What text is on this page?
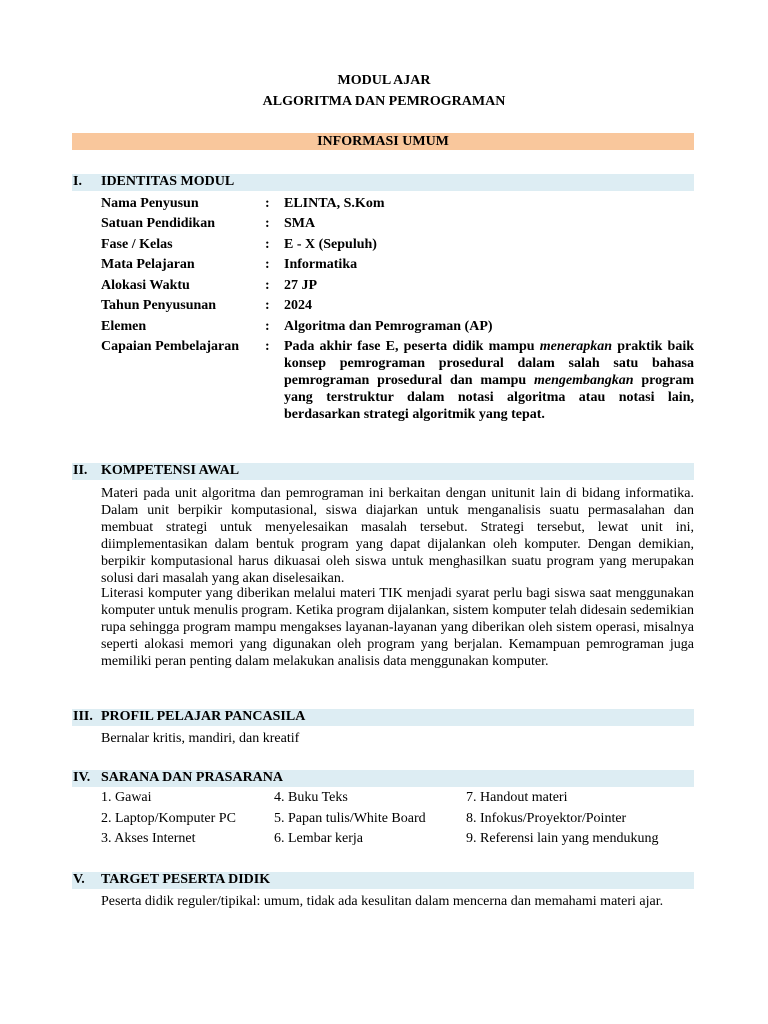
MODUL AJAR
ALGORITMA DAN PEMROGRAMAN
INFORMASI UMUM
I. IDENTITAS MODUL
Nama Penyusun	: ELINTA, S.Kom
Satuan Pendidikan	: SMA
Fase / Kelas	: E - X (Sepuluh)
Mata Pelajaran	: Informatika
Alokasi Waktu	: 27 JP
Tahun Penyusunan	: 2024
Elemen	: Algoritma dan Pemrograman (AP)
Capaian Pembelajaran : Pada akhir fase E, peserta didik mampu menerapkan praktik baik konsep pemrograman prosedural dalam salah satu bahasa pemrograman prosedural dan mampu mengembangkan program yang terstruktur dalam notasi algoritma atau notasi lain, berdasarkan strategi algoritmik yang tepat.
II. KOMPETENSI AWAL
Materi pada unit algoritma dan pemrograman ini berkaitan dengan unitunit lain di bidang informatika. Dalam unit berpikir komputasional, siswa diajarkan untuk menganalisis suatu permasalahan dan membuat strategi untuk menyelesaikan masalah tersebut. Strategi tersebut, lewat unit ini, diimplementasikan dalam bentuk program yang dapat dijalankan oleh komputer. Dengan demikian, berpikir komputasional harus dikuasai oleh siswa untuk menghasilkan suatu program yang merupakan solusi dari masalah yang akan diselesaikan.
Literasi komputer yang diberikan melalui materi TIK menjadi syarat perlu bagi siswa saat menggunakan komputer untuk menulis program. Ketika program dijalankan, sistem komputer telah didesain sedemikian rupa sehingga program mampu mengakses layanan-layanan yang diberikan oleh sistem operasi, misalnya seperti alokasi memori yang digunakan oleh program yang berjalan. Kemampuan pemrograman juga memiliki peran penting dalam melakukan analisis data menggunakan komputer.
III. PROFIL PELAJAR PANCASILA
Bernalar kritis, mandiri, dan kreatif
IV. SARANA DAN PRASARANA
1. Gawai
2. Laptop/Komputer PC
3. Akses Internet
4. Buku Teks
5. Papan tulis/White Board
6. Lembar kerja
7. Handout materi
8. Infokus/Proyektor/Pointer
9. Referensi lain yang mendukung
V. TARGET PESERTA DIDIK
Peserta didik reguler/tipikal: umum, tidak ada kesulitan dalam mencerna dan memahami materi ajar.
